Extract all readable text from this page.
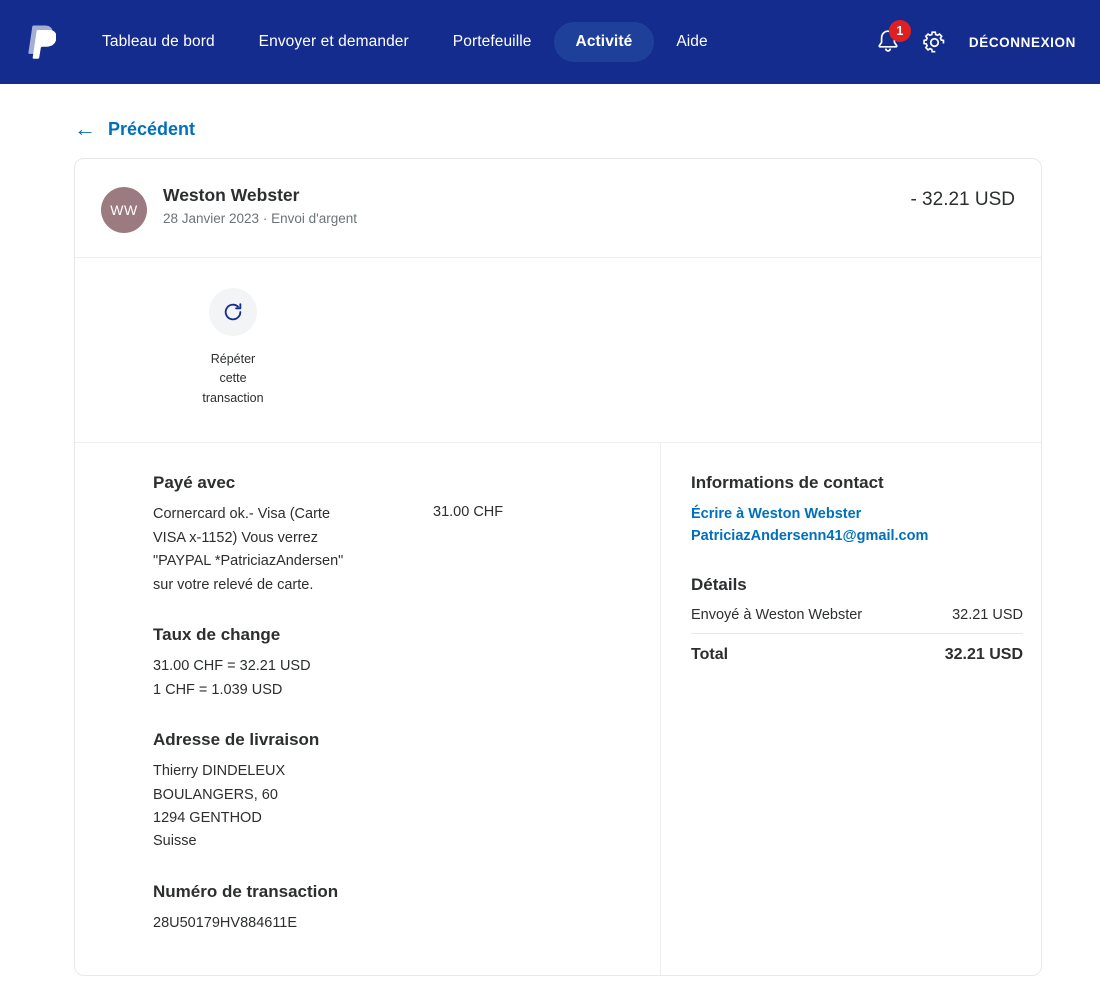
Tableau de bord	Envoyer et demander	Portefeuille	Activité	Aide
1
DÉCONNEXION
← Précédent
WW
Weston Webster
28 Janvier 2023 · Envoi d'argent
- 32.21 USD
Répéter
cette
transaction
Payé avec
Cornercard ok.- Visa (Carte VISA x-1152) Vous verrez "PAYPAL *PatriciazAndersen" sur votre relevé de carte.
31.00 CHF
Taux de change
31.00 CHF = 32.21 USD
1 CHF = 1.039 USD
Adresse de livraison
Thierry DINDELEUX
BOULANGERS, 60
1294 GENTHOD
Suisse
Numéro de transaction
28U50179HV884611E
Informations de contact
Écrire à Weston Webster
PatriciazAndersenn41@gmail.com
Détails
Envoyé à Weston Webster	32.21 USD
Total	32.21 USD
